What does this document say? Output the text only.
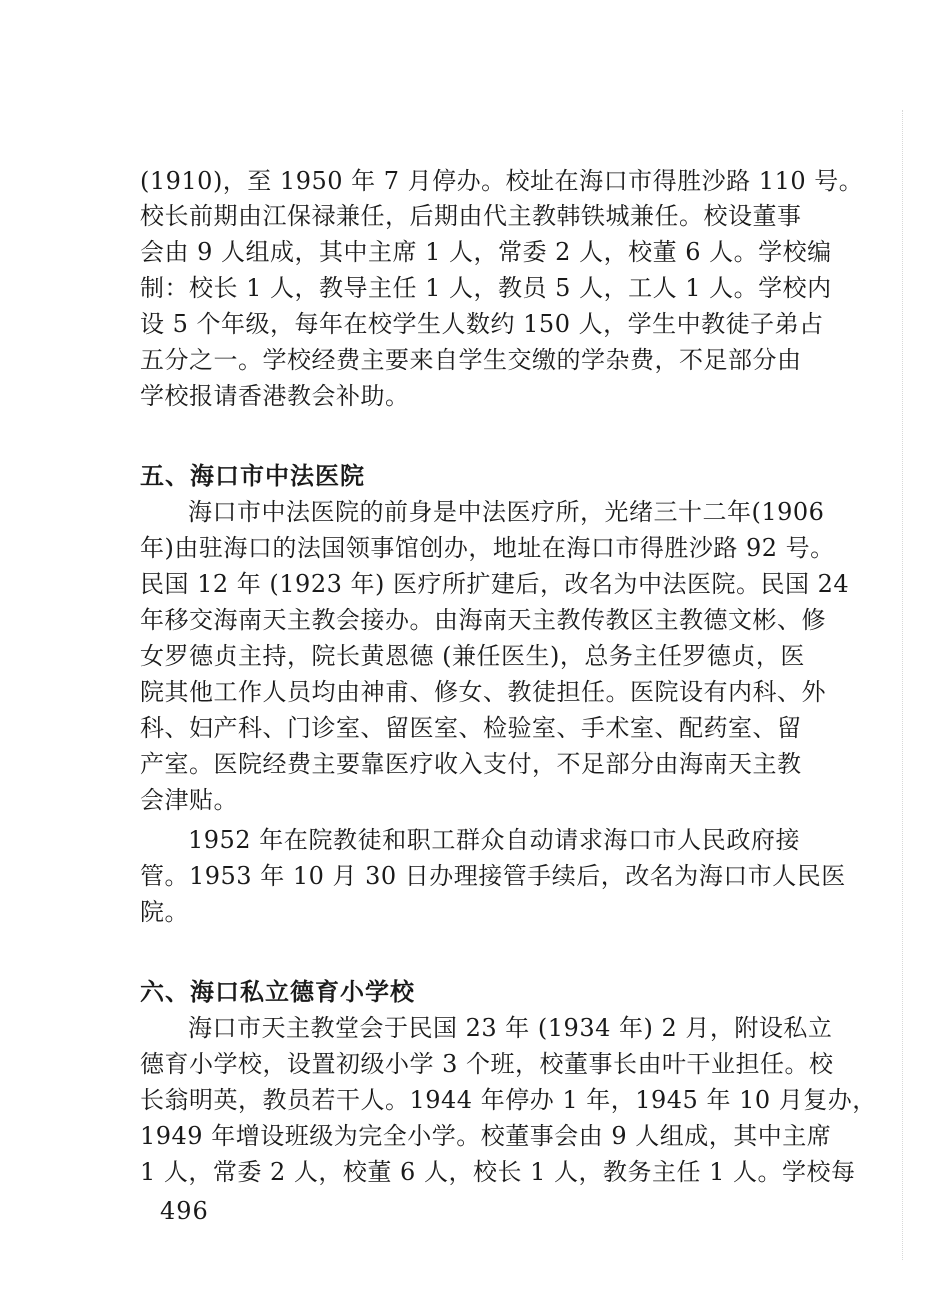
(1910)，至 1950 年 7 月停办。校址在海口市得胜沙路 110 号。
校长前期由江保禄兼任，后期由代主教韩铁城兼任。校设董事
会由 9 人组成，其中主席 1 人，常委 2 人，校董 6 人。学校编
制：校长 1 人，教导主任 1 人，教员 5 人，工人 1 人。学校内
设 5 个年级，每年在校学生人数约 150 人，学生中教徒子弟占
五分之一。学校经费主要来自学生交缴的学杂费，不足部分由
学校报请香港教会补助。
五、海口市中法医院
海口市中法医院的前身是中法医疗所，光绪三十二年(1906
年)由驻海口的法国领事馆创办，地址在海口市得胜沙路 92 号。
民国 12 年 (1923 年) 医疗所扩建后，改名为中法医院。民国 24
年移交海南天主教会接办。由海南天主教传教区主教德文彬、修
女罗德贞主持，院长黄恩德 (兼任医生)，总务主任罗德贞，医
院其他工作人员均由神甫、修女、教徒担任。医院设有内科、外
科、妇产科、门诊室、留医室、检验室、手术室、配药室、留
产室。医院经费主要靠医疗收入支付，不足部分由海南天主教
会津贴。
1952 年在院教徒和职工群众自动请求海口市人民政府接
管。1953 年 10 月 30 日办理接管手续后，改名为海口市人民医
院。
六、海口私立德育小学校
海口市天主教堂会于民国 23 年 (1934 年) 2 月，附设私立
德育小学校，设置初级小学 3 个班，校董事长由叶干业担任。校
长翁明英，教员若干人。1944 年停办 1 年，1945 年 10 月复办，
1949 年增设班级为完全小学。校董事会由 9 人组成，其中主席
1 人，常委 2 人，校董 6 人，校长 1 人，教务主任 1 人。学校每
496
